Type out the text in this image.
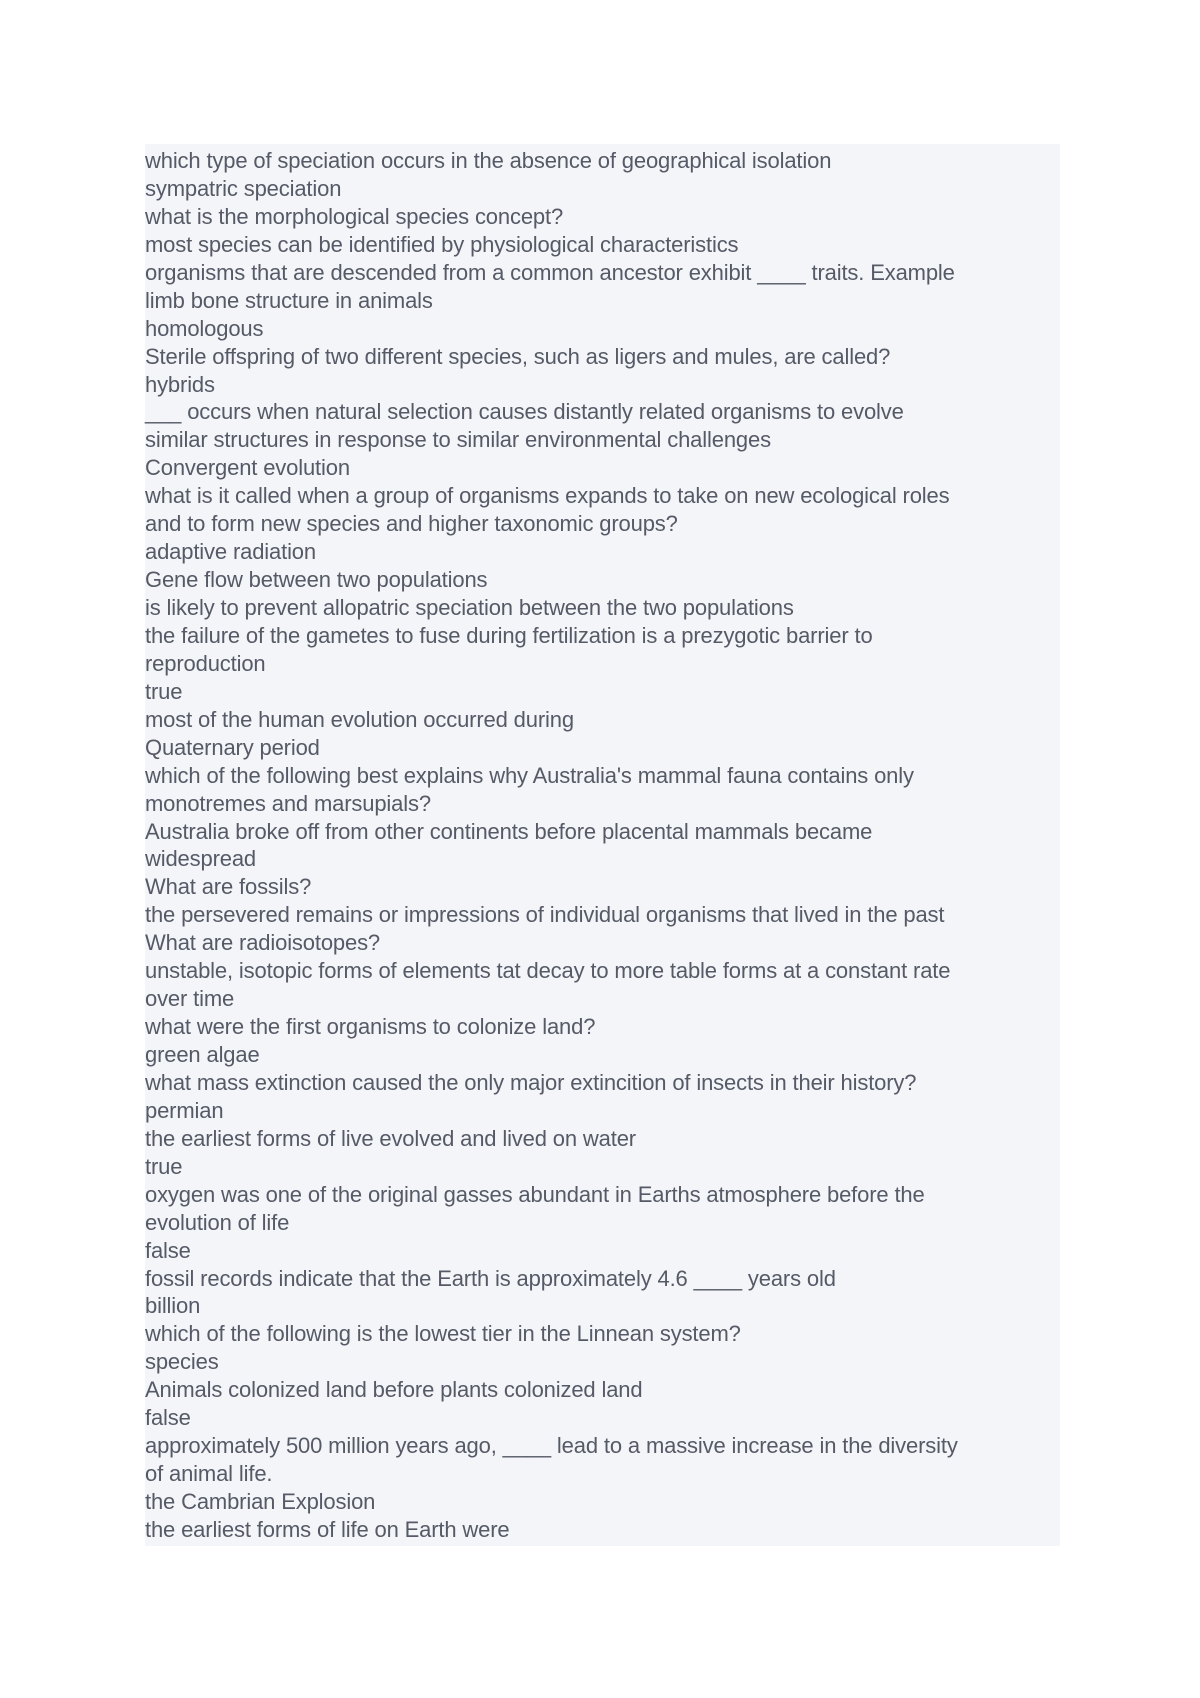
which type of speciation occurs in the absence of geographical isolation
sympatric speciation
what is the morphological species concept?
most species can be identified by physiological characteristics
organisms that are descended from a common ancestor exhibit ____ traits. Example
limb bone structure in animals
homologous
Sterile offspring of two different species, such as ligers and mules, are called?
hybrids
___ occurs when natural selection causes distantly related organisms to evolve
similar structures in response to similar environmental challenges
Convergent evolution
what is it called when a group of organisms expands to take on new ecological roles
and to form new species and higher taxonomic groups?
adaptive radiation
Gene flow between two populations
is likely to prevent allopatric speciation between the two populations
the failure of the gametes to fuse during fertilization is a prezygotic barrier to
reproduction
true
most of the human evolution occurred during
Quaternary period
which of the following best explains why Australia's mammal fauna contains only
monotremes and marsupials?
Australia broke off from other continents before placental mammals became
widespread
What are fossils?
the persevered remains or impressions of individual organisms that lived in the past
What are radioisotopes?
unstable, isotopic forms of elements tat decay to more table forms at a constant rate
over time
what were the first organisms to colonize land?
green algae
what mass extinction caused the only major extincition of insects in their history?
permian
the earliest forms of live evolved and lived on water
true
oxygen was one of the original gasses abundant in Earths atmosphere before the
evolution of life
false
fossil records indicate that the Earth is approximately 4.6 ____ years old
billion
which of the following is the lowest tier in the Linnean system?
species
Animals colonized land before plants colonized land
false
approximately 500 million years ago, ____ lead to a massive increase in the diversity
of animal life.
the Cambrian Explosion
the earliest forms of life on Earth were
